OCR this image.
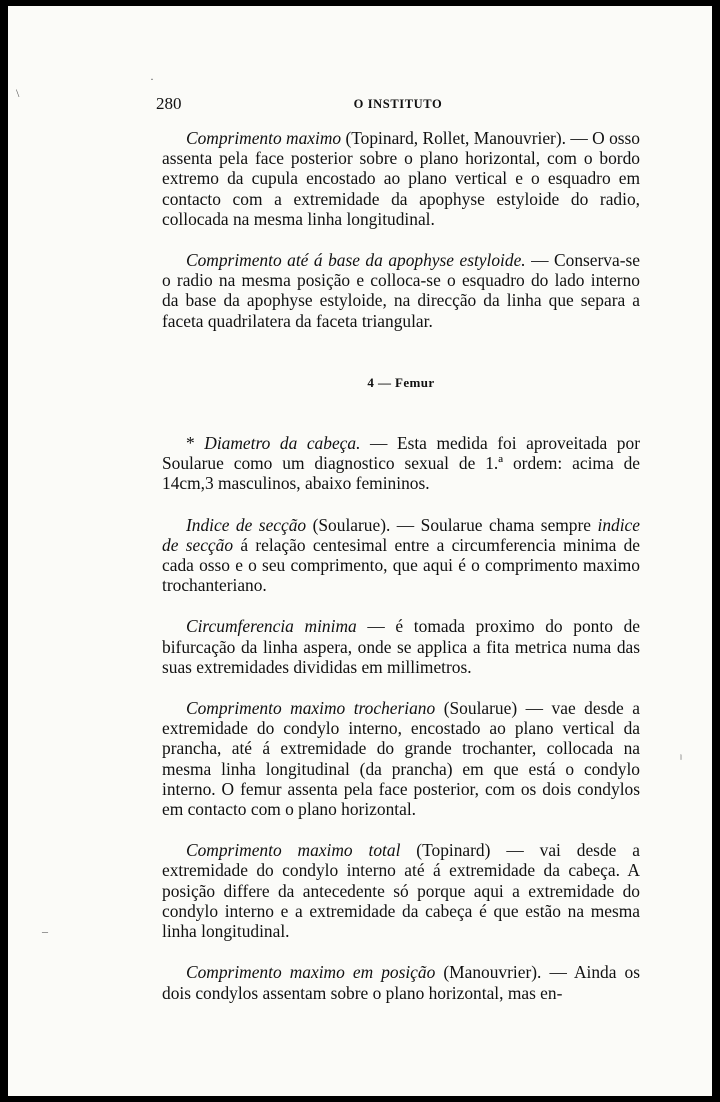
280	O INSTITUTO

Comprimento maximo (Topinard, Rollet, Manouvrier). — O osso assenta pela face posterior sobre o plano horizontal, com o bordo extremo da cupula encostado ao plano vertical e o esquadro em contacto com a extremidade da apophyse estyloide do radio, collocada na mesma linha longitudinal.

Comprimento até á base da apophyse estyloide. — Conserva-se o radio na mesma posição e colloca-se o esquadro do lado interno da base da apophyse estyloide, na direcção da linha que separa a faceta quadrilatera da faceta triangular.

4 — Femur

* Diametro da cabeça. — Esta medida foi aproveitada por Soularue como um diagnostico sexual de 1.ª ordem: acima de 14cm,3 masculinos, abaixo femininos.

Indice de secção (Soularue). — Soularue chama sempre indice de secção á relação centesimal entre a circumferencia minima de cada osso e o seu comprimento, que aqui é o comprimento maximo trochanteriano.

Circumferencia minima — é tomada proximo do ponto de bifurcação da linha aspera, onde se applica a fita metrica numa das suas extremidades divididas em millimetros.

Comprimento maximo trocheriano (Soularue) — vae desde a extremidade do condylo interno, encostado ao plano vertical da prancha, até á extremidade do grande trochanter, collocada na mesma linha longitudinal (da prancha) em que está o condylo interno. O femur assenta pela face posterior, com os dois condylos em contacto com o plano horizontal.

Comprimento maximo total (Topinard) — vai desde a extremidade do condylo interno até á extremidade da cabeça. A posição differe da antecedente só porque aqui a extremidade do condylo interno e a extremidade da cabeça é que estão na mesma linha longitudinal.

Comprimento maximo em posição (Manouvrier). — Ainda os dois condylos assentam sobre o plano horizontal, mas en-

·
\
–
ˡ
